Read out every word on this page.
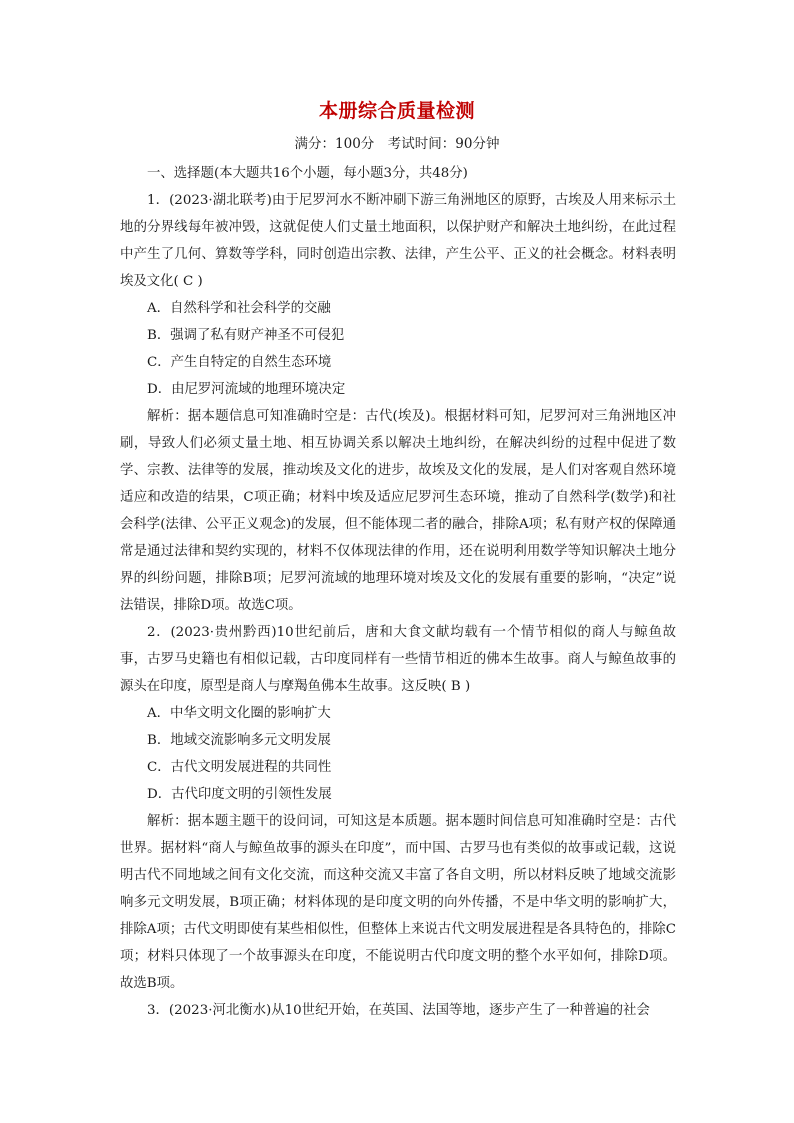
本册综合质量检测
满分：100分　考试时间：90分钟

一、选择题(本大题共16个小题，每小题3分，共48分)

1．(2023·湖北联考)由于尼罗河水不断冲刷下游三角洲地区的原野，古埃及人用来标示土地的分界线每年被冲毁，这就促使人们丈量土地面积，以保护财产和解决土地纠纷，在此过程中产生了几何、算数等学科，同时创造出宗教、法律，产生公平、正义的社会概念。材料表明埃及文化( C )

A．自然科学和社会科学的交融

B．强调了私有财产神圣不可侵犯

C．产生自特定的自然生态环境

D．由尼罗河流域的地理环境决定

解析：据本题信息可知准确时空是：古代(埃及)。根据材料可知，尼罗河对三角洲地区冲刷，导致人们必须丈量土地、相互协调关系以解决土地纠纷，在解决纠纷的过程中促进了数学、宗教、法律等的发展，推动埃及文化的进步，故埃及文化的发展，是人们对客观自然环境适应和改造的结果，C项正确；材料中埃及适应尼罗河生态环境，推动了自然科学(数学)和社会科学(法律、公平正义观念)的发展，但不能体现二者的融合，排除A项；私有财产权的保障通常是通过法律和契约实现的，材料不仅体现法律的作用，还在说明利用数学等知识解决土地分界的纠纷问题，排除B项；尼罗河流域的地理环境对埃及文化的发展有重要的影响，“决定”说法错误，排除D项。故选C项。

2．(2023·贵州黔西)10世纪前后，唐和大食文献均载有一个情节相似的商人与鲸鱼故事，古罗马史籍也有相似记载，古印度同样有一些情节相近的佛本生故事。商人与鲸鱼故事的源头在印度，原型是商人与摩羯鱼佛本生故事。这反映( B )

A．中华文明文化圈的影响扩大

B．地域交流影响多元文明发展

C．古代文明发展进程的共同性

D．古代印度文明的引领性发展

解析：据本题主题干的设问词，可知这是本质题。据本题时间信息可知准确时空是：古代世界。据材料“商人与鲸鱼故事的源头在印度”，而中国、古罗马也有类似的故事或记载，这说明古代不同地域之间有文化交流，而这种交流又丰富了各自文明，所以材料反映了地域交流影响多元文明发展，B项正确；材料体现的是印度文明的向外传播，不是中华文明的影响扩大，排除A项；古代文明即使有某些相似性，但整体上来说古代文明发展进程是各具特色的，排除C项；材料只体现了一个故事源头在印度，不能说明古代印度文明的整个水平如何，排除D项。故选B项。

3．(2023·河北衡水)从10世纪开始，在英国、法国等地，逐步产生了一种普遍的社会
